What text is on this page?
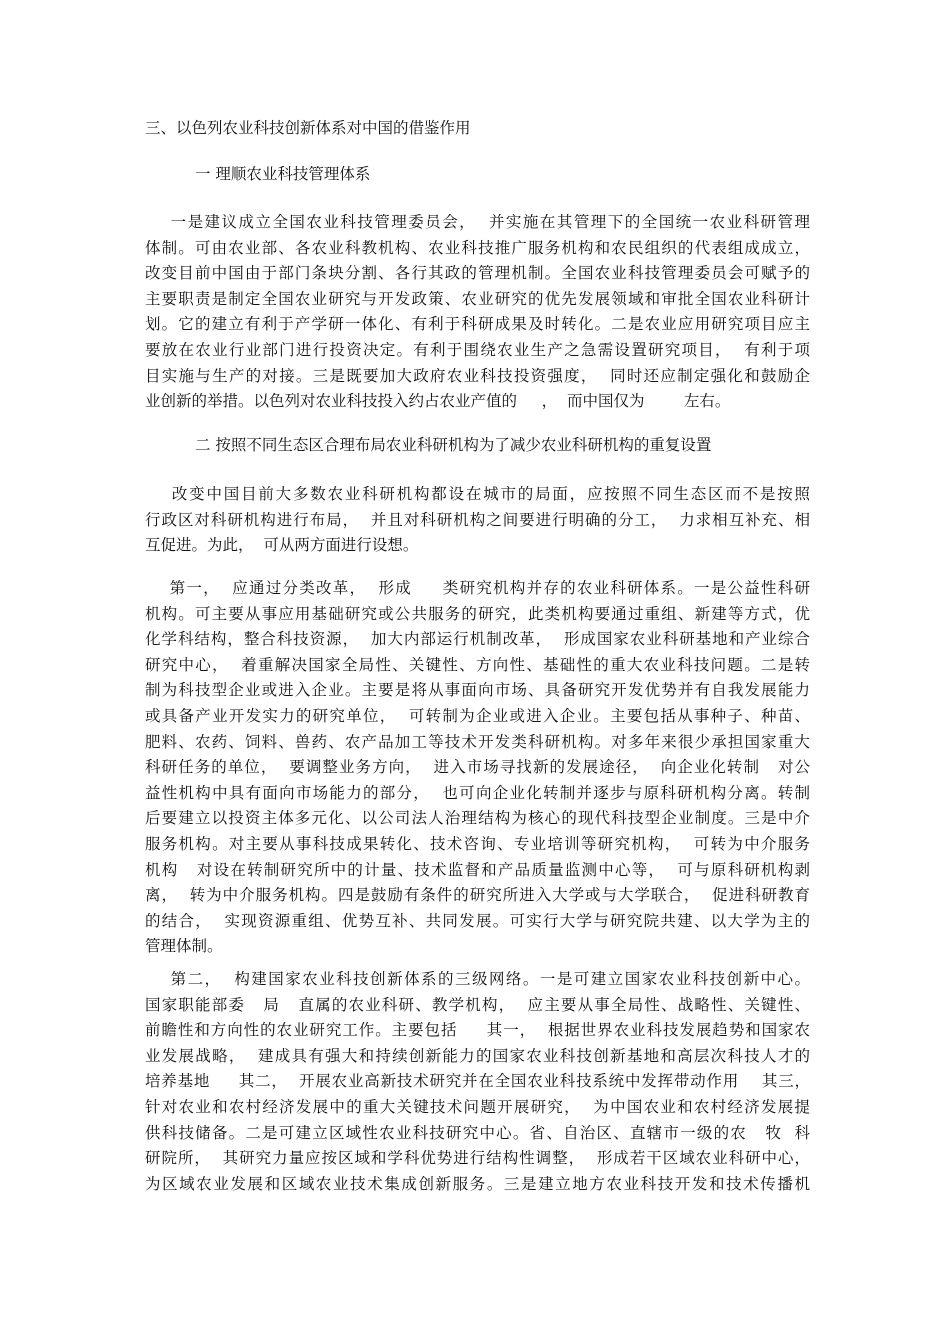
三、以色列农业科技创新体系对中国的借鉴作用
一 理顺农业科技管理体系
一是建议成立全国农业科技管理委员会，  并实施在其管理下的全国统一农业科研管理
体制。可由农业部、各农业科教机构、农业科技推广服务机构和农民组织的代表组成成立，
改变目前中国由于部门条块分割、各行其政的管理机制。全国农业科技管理委员会可赋予的
主要职责是制定全国农业研究与开发政策、农业研究的优先发展领域和审批全国农业科研计
划。它的建立有利于产学研一体化、有利于科研成果及时转化。二是农业应用研究项目应主
要放在农业行业部门进行投资决定。有利于围绕农业生产之急需设置研究项目，  有利于项
目实施与生产的对接。三是既要加大政府农业科技投资强度，  同时还应制定强化和鼓励企
业创新的举措。以色列对农业科技投入约占农业产值的     ，  而中国仅为        左右。
二 按照不同生态区合理布局农业科研机构为了减少农业科研机构的重复设置
改变中国目前大多数农业科研机构都设在城市的局面，应按照不同生态区而不是按照
行政区对科研机构进行布局，  并且对科研机构之间要进行明确的分工，  力求相互补充、相
互促进。为此，  可从两方面进行设想。
第一，  应通过分类改革，  形成     类研究机构并存的农业科研体系。一是公益性科研
机构。可主要从事应用基础研究或公共服务的研究，此类机构要通过重组、新建等方式，优
化学科结构，整合科技资源，  加大内部运行机制改革，  形成国家农业科研基地和产业综合
研究中心，  着重解决国家全局性、关键性、方向性、基础性的重大农业科技问题。二是转
制为科技型企业或进入企业。主要是将从事面向市场、具备研究开发优势并有自我发展能力
或具备产业开发实力的研究单位，  可转制为企业或进入企业。主要包括从事种子、种苗、
肥料、农药、饲料、兽药、农产品加工等技术开发类科研机构。对多年来很少承担国家重大
科研任务的单位，  要调整业务方向，  进入市场寻找新的发展途径，  向企业化转制   对公
益性机构中具有面向市场能力的部分，  也可向企业化转制并逐步与原科研机构分离。转制
后要建立以投资主体多元化、以公司法人治理结构为核心的现代科技型企业制度。三是中介
服务机构。对主要从事科技成果转化、技术咨询、专业培训等研究机构，  可转为中介服务
机构   对设在转制研究所中的计量、技术监督和产品质量监测中心等，  可与原科研机构剥
离，  转为中介服务机构。四是鼓励有条件的研究所进入大学或与大学联合，  促进科研教育
的结合，  实现资源重组、优势互补、共同发展。可实行大学与研究院共建、以大学为主的
管理体制。
第二，  构建国家农业科技创新体系的三级网络。一是可建立国家农业科技创新中心。
国家职能部委   局   直属的农业科研、教学机构，  应主要从事全局性、战略性、关键性、
前瞻性和方向性的农业研究工作。主要包括     其一，  根据世界农业科技发展趋势和国家农
业发展战略，  建成具有强大和持续创新能力的国家农业科技创新基地和高层次科技人才的
培养基地     其二，  开展农业高新技术研究并在全国农业科技系统中发挥带动作用    其三，
针对农业和农村经济发展中的重大关键技术问题开展研究，  为中国农业和农村经济发展提
供科技储备。二是可建立区域性农业科技研究中心。省、自治区、直辖市一级的农   牧  科
研院所，  其研究力量应按区域和学科优势进行结构性调整，  形成若干区域农业科研中心，
为区域农业发展和区域农业技术集成创新服务。三是建立地方农业科技开发和技术传播机
